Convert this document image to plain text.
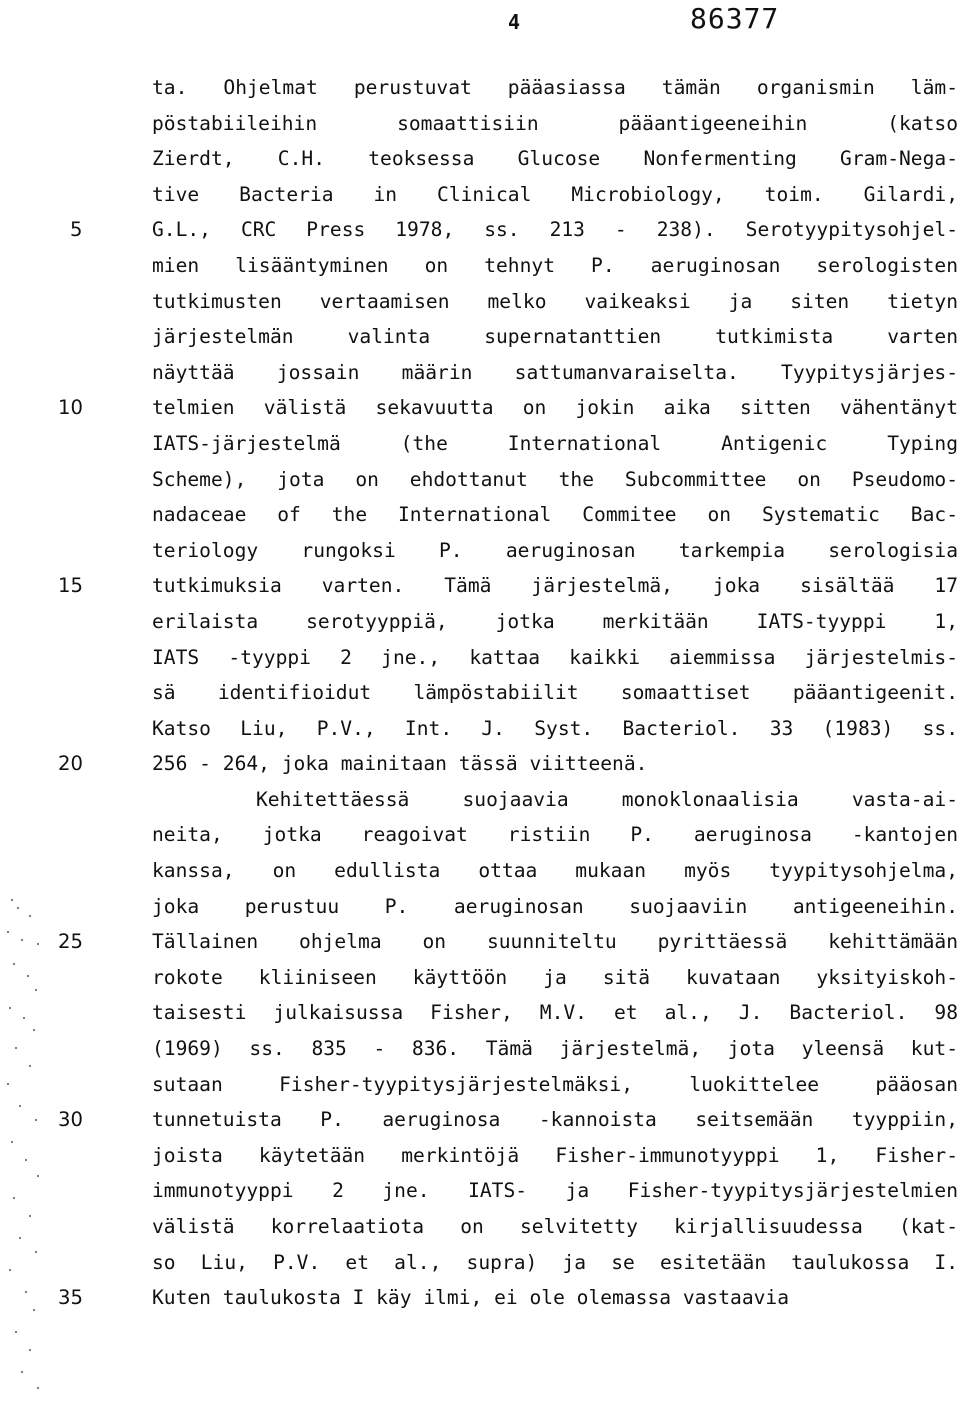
4	86377
ta. Ohjelmat perustuvat pääasiassa tämän organismin läm-
pöstabiileihin somaattisiin pääantigeeneihin (katso
Zierdt, C.H. teoksessa Glucose Nonfermenting Gram-Nega-
tive Bacteria in Clinical Microbiology, toim. Gilardi,
5	G.L., CRC Press 1978, ss. 213 - 238). Serotyypitysohjel-
mien lisääntyminen on tehnyt P. aeruginosan serologisten
tutkimusten vertaamisen melko vaikeaksi ja siten tietyn
järjestelmän valinta supernatanttien tutkimista varten
näyttää jossain määrin sattumanvaraiselta. Tyypitysjärjes-
10	telmien välistä sekavuutta on jokin aika sitten vähentänyt
IATS-järjestelmä (the International Antigenic Typing
Scheme), jota on ehdottanut the Subcommittee on Pseudomo-
nadaceae of the International Commitee on Systematic Bac-
teriology rungoksi P. aeruginosan tarkempia serologisia
15	tutkimuksia varten. Tämä järjestelmä, joka sisältää 17
erilaista serotyyppiä, jotka merkitään IATS-tyyppi 1,
IATS -tyyppi 2 jne., kattaa kaikki aiemmissa järjestelmis-
sä identifioidut lämpöstabiilit somaattiset pääantigeenit.
Katso Liu, P.V., Int. J. Syst. Bacteriol. 33 (1983) ss.
20	256 - 264, joka mainitaan tässä viitteenä.
Kehitettäessä suojaavia monoklonaalisia vasta-ai-
neita, jotka reagoivat ristiin P. aeruginosa -kantojen
kanssa, on edullista ottaa mukaan myös tyypitysohjelma,
joka perustuu P. aeruginosan suojaaviin antigeeneihin.
25	Tällainen ohjelma on suunniteltu pyrittäessä kehittämään
rokote kliiniseen käyttöön ja sitä kuvataan yksityiskoh-
taisesti julkaisussa Fisher, M.V. et al., J. Bacteriol. 98
(1969) ss. 835 - 836. Tämä järjestelmä, jota yleensä kut-
sutaan Fisher-tyypitysjärjestelmäksi, luokittelee pääosan
30	tunnetuista P. aeruginosa -kannoista seitsemään tyyppiin,
joista käytetään merkintöjä Fisher-immunotyyppi 1, Fisher-
immunotyyppi 2 jne. IATS- ja Fisher-tyypitysjärjestelmien
välistä korrelaatiota on selvitetty kirjallisuudessa (kat-
so Liu, P.V. et al., supra) ja se esitetään taulukossa I.
35	Kuten taulukosta I käy ilmi, ei ole olemassa vastaavia
